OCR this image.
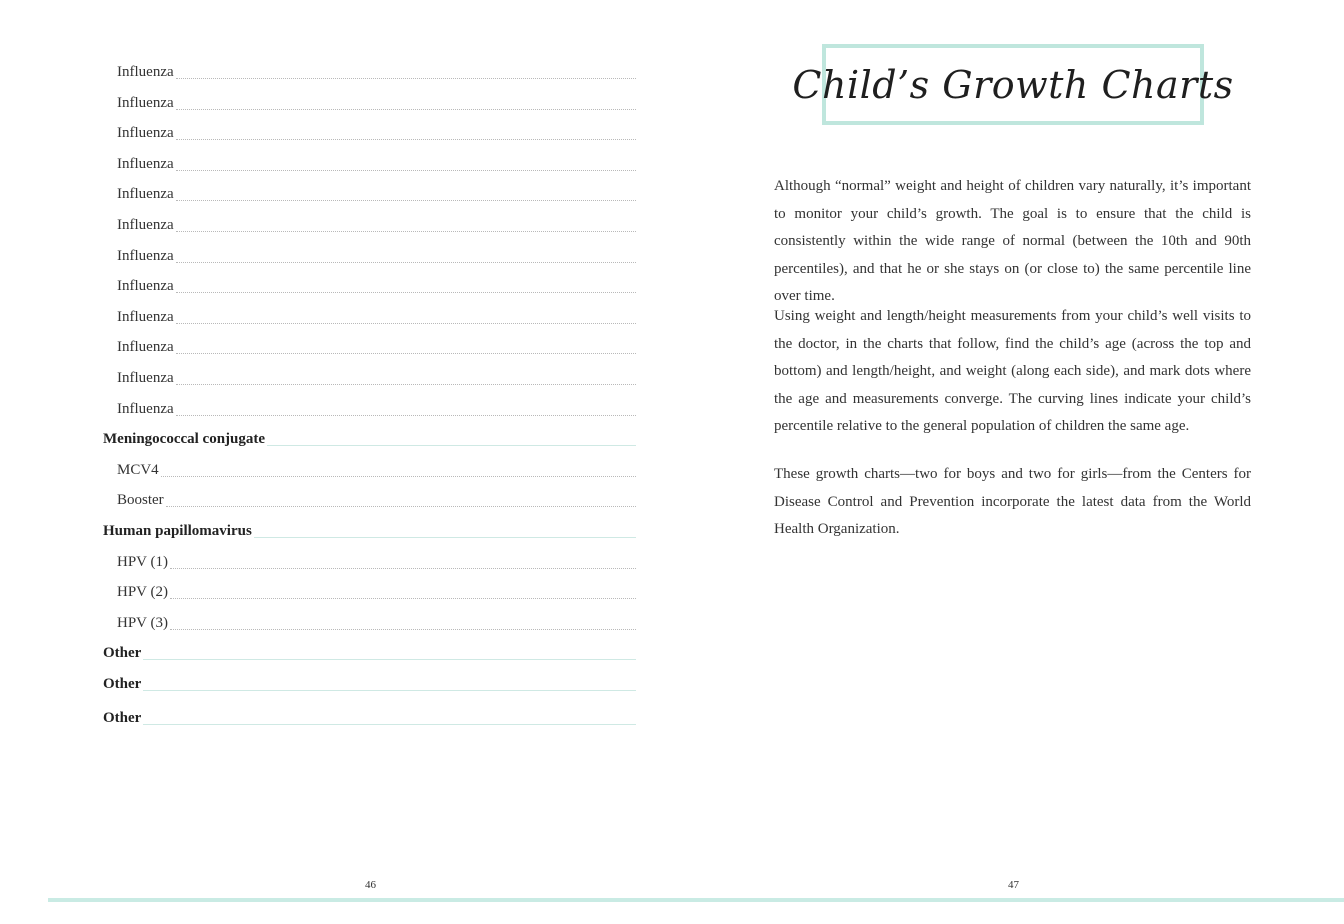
Influenza
Influenza
Influenza
Influenza
Influenza
Influenza
Influenza
Influenza
Influenza
Influenza
Influenza
Influenza
Meningococcal conjugate
MCV4
Booster
Human papillomavirus
HPV (1)
HPV (2)
HPV (3)
Other
Other
Other
46
Child’s Growth Charts

Although “normal” weight and height of children vary naturally, it’s important to monitor your child’s growth. The goal is to ensure that the child is consistently within the wide range of normal (between the 10th and 90th percentiles), and that he or she stays on (or close to) the same percentile line over time.

Using weight and length/height measurements from your child’s well visits to the doctor, in the charts that follow, find the child’s age (across the top and bottom) and length/height, and weight (along each side), and mark dots where the age and measurements converge. The curving lines indicate your child’s percentile relative to the general population of children the same age.

These growth charts—two for boys and two for girls—from the Centers for Disease Control and Prevention incorporate the latest data from the World Health Organization.

47
